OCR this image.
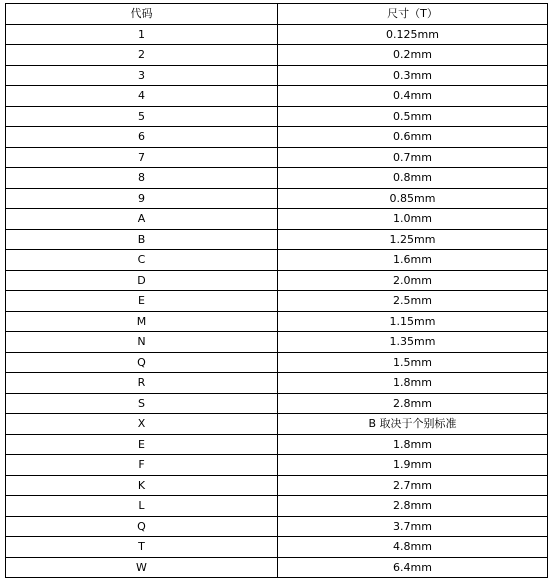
代码	尺寸（T）
1	0.125mm
2	0.2mm
3	0.3mm
4	0.4mm
5	0.5mm
6	0.6mm
7	0.7mm
8	0.8mm
9	0.85mm
A	1.0mm
B	1.25mm
C	1.6mm
D	2.0mm
E	2.5mm
M	1.15mm
N	1.35mm
Q	1.5mm
R	1.8mm
S	2.8mm
X	B 取决于个别标准
E	1.8mm
F	1.9mm
K	2.7mm
L	2.8mm
Q	3.7mm
T	4.8mm
W	6.4mm
